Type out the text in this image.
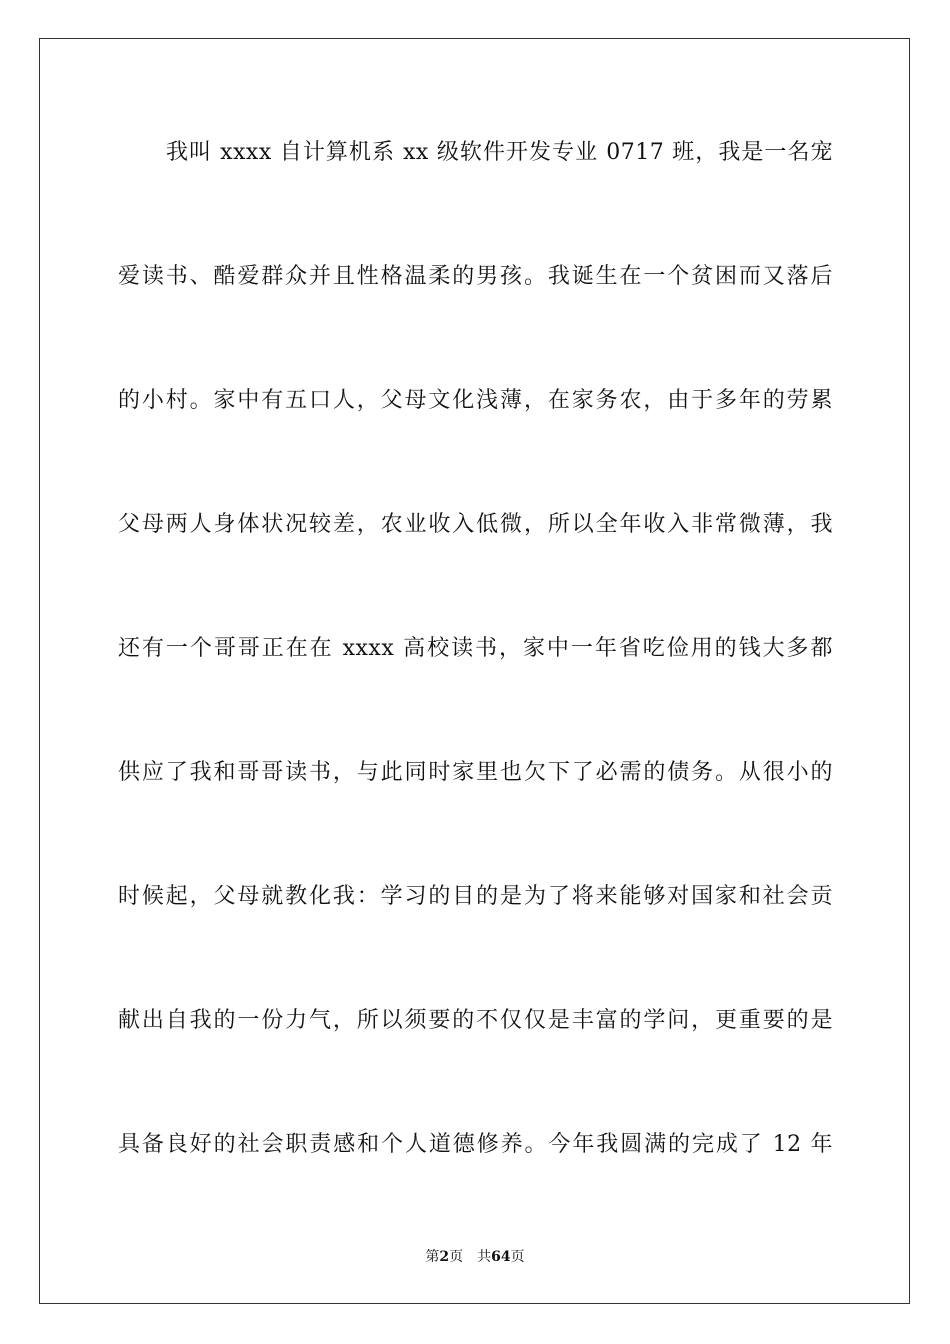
我叫 xxxx 自计算机系 xx 级软件开发专业 0717 班，我是一名宠
爱读书、酷爱群众并且性格温柔的男孩。我诞生在一个贫困而又落后
的小村。家中有五口人，父母文化浅薄，在家务农，由于多年的劳累
父母两人身体状况较差，农业收入低微，所以全年收入非常微薄，我
还有一个哥哥正在在 xxxx 高校读书，家中一年省吃俭用的钱大多都
供应了我和哥哥读书，与此同时家里也欠下了必需的债务。从很小的
时候起，父母就教化我：学习的目的是为了将来能够对国家和社会贡
献出自我的一份力气，所以须要的不仅仅是丰富的学问，更重要的是
具备良好的社会职责感和个人道德修养。今年我圆满的完成了 12 年
第2页 共64页
